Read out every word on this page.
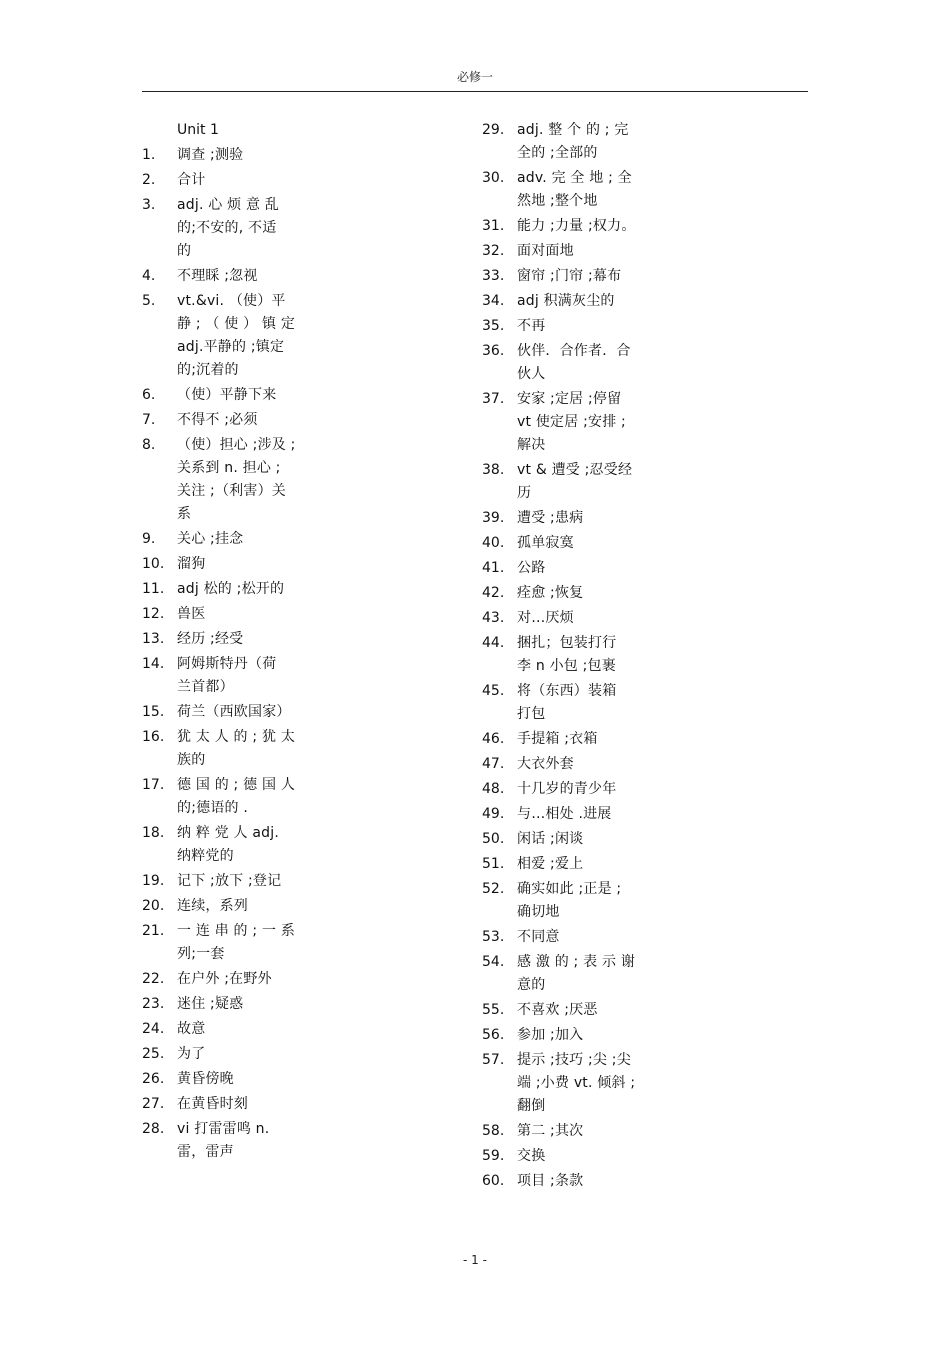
必修一
Unit 1
1.	调查 ;测验
2.	合计
3.	adj. 心 烦 意 乱
的;不安的, 不适
的
4.	不理睬 ;忽视
5.	vt.&vi. （使）平
静 ; （ 使 ） 镇 定
adj.平静的 ;镇定
的;沉着的
6.	（使）平静下来
7.	不得不 ;必须
8.	（使）担心 ;涉及 ;
关系到 n. 担心 ;
关注 ;（利害）关
系
9.	关心 ;挂念
10. 溜狗
11. adj 松的 ;松开的
12. 兽医
13. 经历 ;经受
14. 阿姆斯特丹（荷
兰首都）
15. 荷兰（西欧国家）
16. 犹 太 人 的 ; 犹 太
族的
17. 德 国 的 ; 德 国 人
的;德语的 .
18. 纳 粹 党 人 adj.
纳粹党的
19. 记下 ;放下 ;登记
20. 连续，系列
21. 一 连 串 的 ; 一 系
列;一套
22. 在户外 ;在野外
23. 迷住 ;疑惑
24. 故意
25. 为了
26. 黄昏傍晚
27. 在黄昏时刻
28. vi 打雷雷鸣 n.
雷，雷声
29. adj. 整 个 的 ; 完
全的 ;全部的
30. adv. 完 全 地 ; 全
然地 ;整个地
31. 能力 ;力量 ;权力。
32. 面对面地
33. 窗帘 ;门帘 ;幕布
34. adj 积满灰尘的
35. 不再
36. 伙伴．合作者．合
伙人
37. 安家 ;定居 ;停留
vt 使定居 ;安排 ;
解决
38. vt & 遭受 ;忍受经
历
39. 遭受 ;患病
40. 孤单寂寞
41. 公路
42. 痊愈 ;恢复
43. 对…厌烦
44. 捆扎；包装打行
李 n 小包 ;包裹
45. 将（东西）装箱
打包
46. 手提箱 ;衣箱
47. 大衣外套
48. 十几岁的青少年
49. 与…相处 .进展
50. 闲话 ;闲谈
51. 相爱 ;爱上
52. 确实如此 ;正是 ;
确切地
53. 不同意
54. 感 激 的 ; 表 示 谢
意的
55. 不喜欢 ;厌恶
56. 参加 ;加入
57. 提示 ;技巧 ;尖 ;尖
端 ;小费 vt. 倾斜 ;
翻倒
58. 第二 ;其次
59. 交换
60. 项目 ;条款
- 1 -
